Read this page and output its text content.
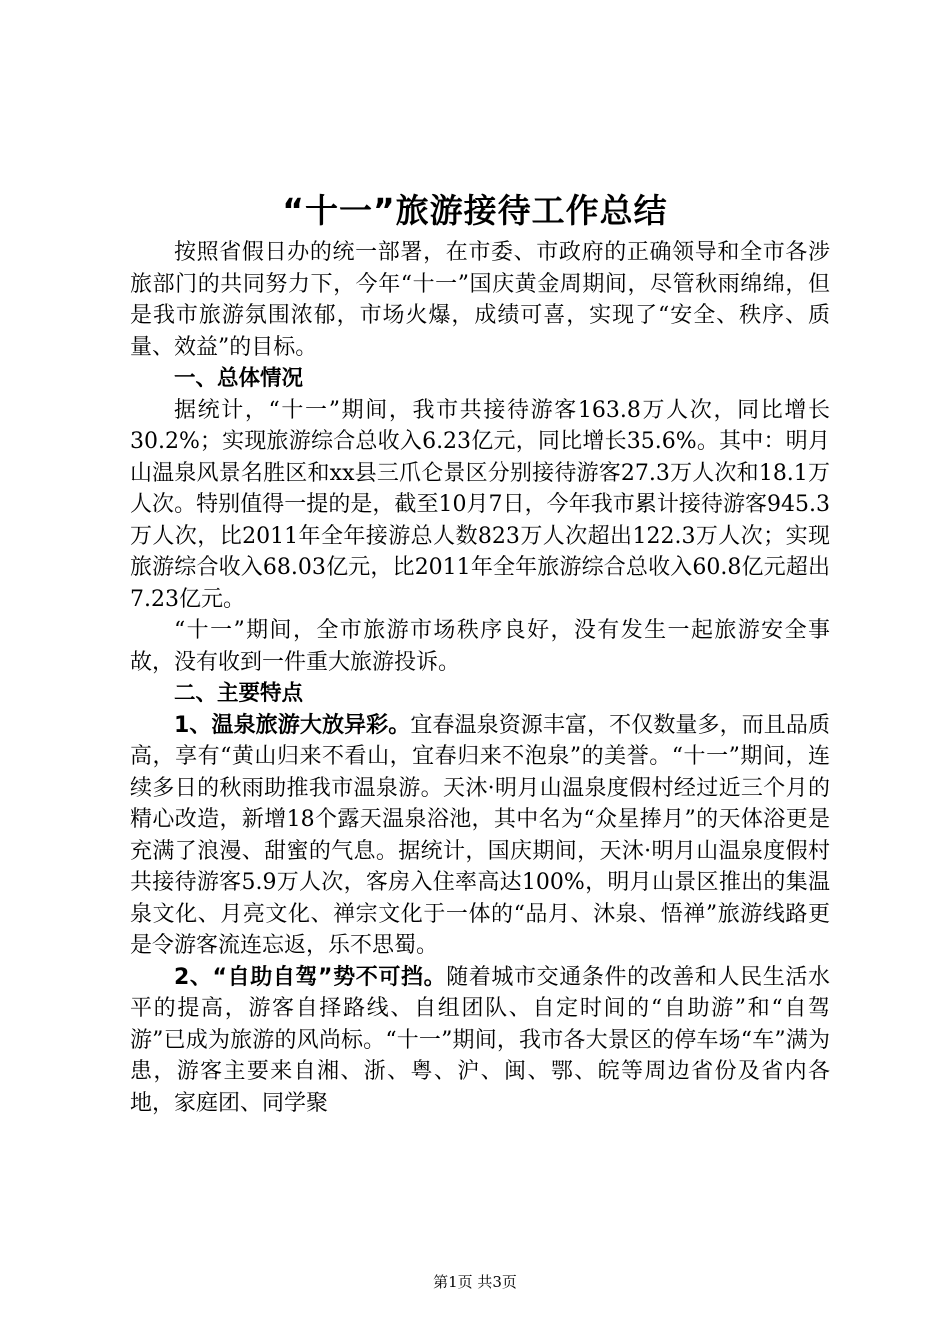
“十一”旅游接待工作总结

按照省假日办的统一部署，在市委、市政府的正确领导和全市各涉旅部门的共同努力下，今年“十一”国庆黄金周期间，尽管秋雨绵绵，但是我市旅游氛围浓郁，市场火爆，成绩可喜，实现了“安全、秩序、质量、效益”的目标。

一、总体情况

据统计，“十一”期间，我市共接待游客163.8万人次，同比增长30.2%；实现旅游综合总收入6.23亿元，同比增长35.6%。其中：明月山温泉风景名胜区和xx县三爪仑景区分别接待游客27.3万人次和18.1万人次。特别值得一提的是，截至10月7日，今年我市累计接待游客945.3万人次，比2011年全年接游总人数823万人次超出122.3万人次；实现旅游综合收入68.03亿元，比2011年全年旅游综合总收入60.8亿元超出7.23亿元。

“十一”期间，全市旅游市场秩序良好，没有发生一起旅游安全事故，没有收到一件重大旅游投诉。

二、主要特点

1、温泉旅游大放异彩。宜春温泉资源丰富，不仅数量多，而且品质高，享有“黄山归来不看山，宜春归来不泡泉”的美誉。“十一”期间，连续多日的秋雨助推我市温泉游。天沐·明月山温泉度假村经过近三个月的精心改造，新增18个露天温泉浴池，其中名为“众星捧月”的天体浴更是充满了浪漫、甜蜜的气息。据统计，国庆期间，天沐·明月山温泉度假村共接待游客5.9万人次，客房入住率高达100%，明月山景区推出的集温泉文化、月亮文化、禅宗文化于一体的“品月、沐泉、悟禅”旅游线路更是令游客流连忘返，乐不思蜀。

2、“自助自驾”势不可挡。随着城市交通条件的改善和人民生活水平的提高，游客自择路线、自组团队、自定时间的“自助游”和“自驾游”已成为旅游的风尚标。“十一”期间，我市各大景区的停车场“车”满为患，游客主要来自湘、浙、粤、沪、闽、鄂、皖等周边省份及省内各地，家庭团、同学聚

第1页 共3页
